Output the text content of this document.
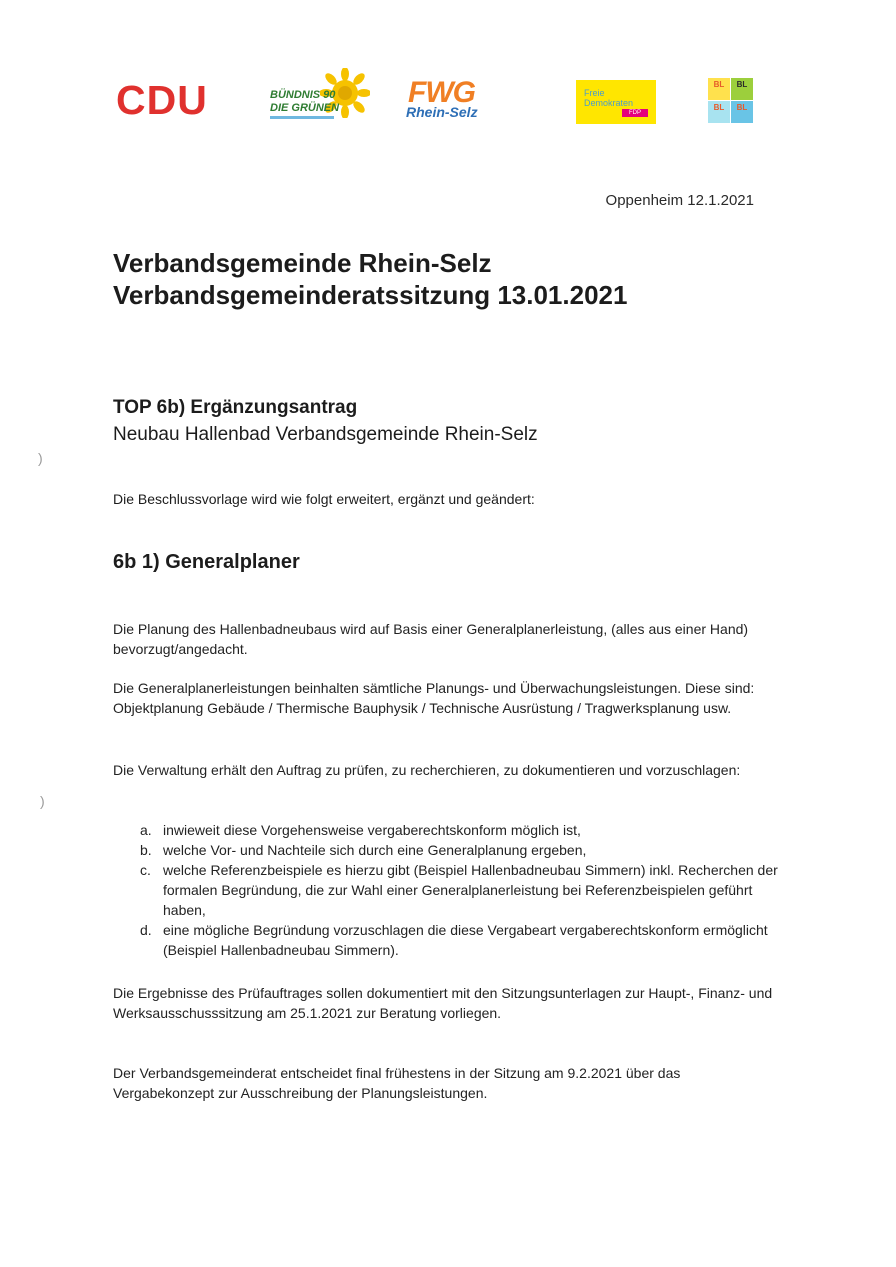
CDU	BÜNDNIS 90
DIE GRÜNEN FWG
Rhein-Selz
Freie
Demokraten
FDP
BL	BL
BL	BL
Oppenheim 12.1.2021
Verbandsgemeinde Rhein-Selz
Verbandsgemeinderatssitzung 13.01.2021
TOP 6b) Ergänzungsantrag
Neubau Hallenbad Verbandsgemeinde Rhein-Selz
Die Beschlussvorlage wird wie folgt erweitert, ergänzt und geändert:
6b 1) Generalplaner

Die Planung des Hallenbadneubaus wird auf Basis einer Generalplanerleistung, (alles aus einer Hand) bevorzugt/angedacht.

Die Generalplanerleistungen beinhalten sämtliche Planungs- und Überwachungsleistungen. Diese sind: Objektplanung Gebäude / Thermische Bauphysik / Technische Ausrüstung / Tragwerksplanung usw.

Die Verwaltung erhält den Auftrag zu prüfen, zu recherchieren, zu dokumentieren und vorzuschlagen:

a. inwieweit diese Vorgehensweise vergaberechtskonform möglich ist,
b. welche Vor- und Nachteile sich durch eine Generalplanung ergeben,
c. welche Referenzbeispiele es hierzu gibt (Beispiel Hallenbadneubau Simmern) inkl. Recherchen der formalen Begründung, die zur Wahl einer Generalplanerleistung bei Referenzbeispielen geführt haben,
d. eine mögliche Begründung vorzuschlagen die diese Vergabeart vergaberechtskonform ermöglicht (Beispiel Hallenbadneubau Simmern).

Die Ergebnisse des Prüfauftrages sollen dokumentiert mit den Sitzungsunterlagen zur Haupt-, Finanz- und Werksausschusssitzung am 25.1.2021 zur Beratung vorliegen.

Der Verbandsgemeinderat entscheidet final frühestens in der Sitzung am 9.2.2021 über das Vergabekonzept zur Ausschreibung der Planungsleistungen.

)
)
